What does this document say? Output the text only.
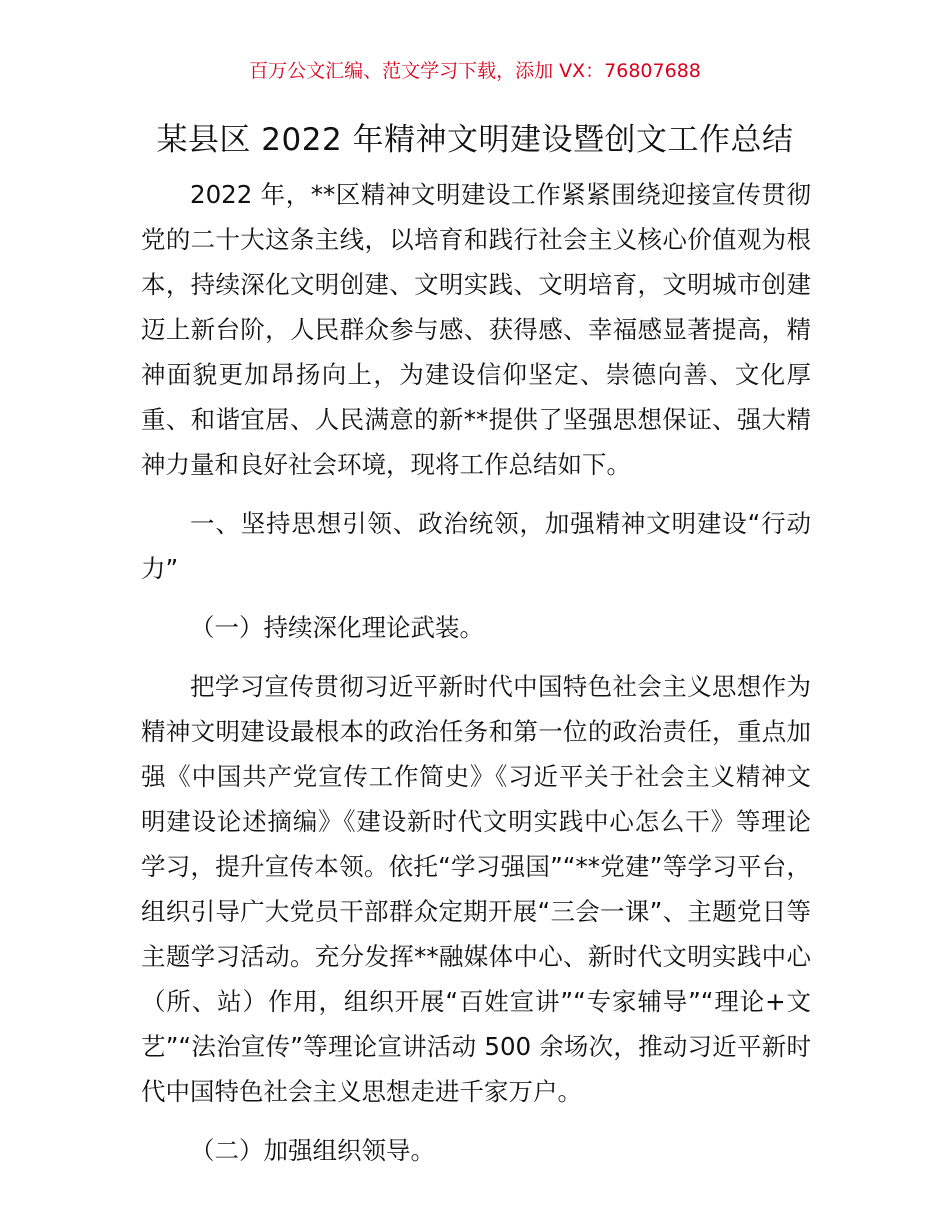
百万公文汇编、范文学习下载，添加 VX：76807688
某县区 2022 年精神文明建设暨创文工作总结

2022 年，**区精神文明建设工作紧紧围绕迎接宣传贯彻党的二十大这条主线，以培育和践行社会主义核心价值观为根本，持续深化文明创建、文明实践、文明培育，文明城市创建迈上新台阶，人民群众参与感、获得感、幸福感显著提高，精神面貌更加昂扬向上，为建设信仰坚定、崇德向善、文化厚重、和谐宜居、人民满意的新**提供了坚强思想保证、强大精神力量和良好社会环境，现将工作总结如下。

一、坚持思想引领、政治统领，加强精神文明建设“行动力”

（一）持续深化理论武装。

把学习宣传贯彻习近平新时代中国特色社会主义思想作为精神文明建设最根本的政治任务和第一位的政治责任，重点加强《中国共产党宣传工作简史》《习近平关于社会主义精神文明建设论述摘编》《建设新时代文明实践中心怎么干》等理论学习，提升宣传本领。依托“学习强国”“**党建”等学习平台，组织引导广大党员干部群众定期开展“三会一课”、主题党日等主题学习活动。充分发挥**融媒体中心、新时代文明实践中心（所、站）作用，组织开展“百姓宣讲”“专家辅导”“理论+文艺”“法治宣传”等理论宣讲活动 500 余场次，推动习近平新时代中国特色社会主义思想走进千家万户。

（二）加强组织领导。
